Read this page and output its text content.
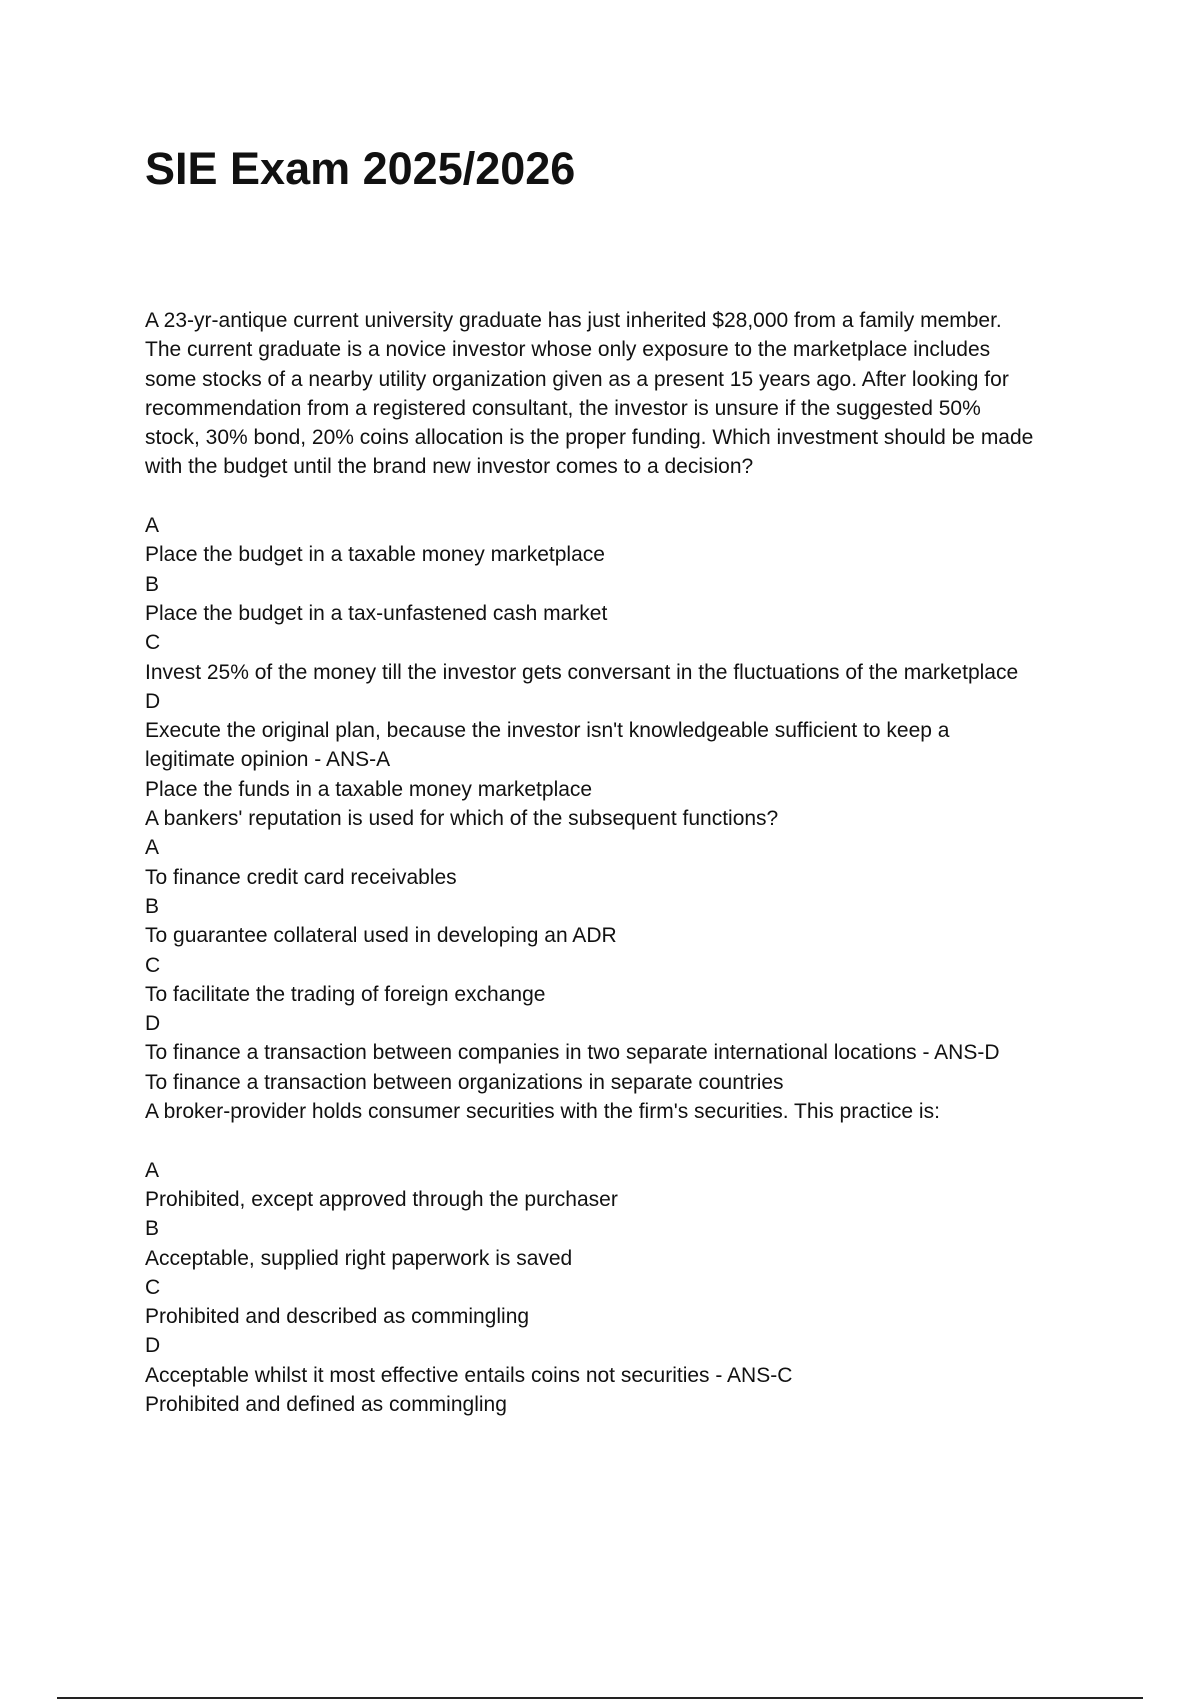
SIE Exam 2025/2026
A 23-yr-antique current university graduate has just inherited $28,000 from a family member.
The current graduate is a novice investor whose only exposure to the marketplace includes
some stocks of a nearby utility organization given as a present 15 years ago. After looking for
recommendation from a registered consultant, the investor is unsure if the suggested 50%
stock, 30% bond, 20% coins allocation is the proper funding. Which investment should be made
with the budget until the brand new investor comes to a decision?
A
Place the budget in a taxable money marketplace
B
Place the budget in a tax-unfastened cash market
C
Invest 25% of the money till the investor gets conversant in the fluctuations of the marketplace
D
Execute the original plan, because the investor isn't knowledgeable sufficient to keep a
legitimate opinion - ANS-A
Place the funds in a taxable money marketplace
A bankers' reputation is used for which of the subsequent functions?
A
To finance credit card receivables
B
To guarantee collateral used in developing an ADR
C
To facilitate the trading of foreign exchange
D
To finance a transaction between companies in two separate international locations - ANS-D
To finance a transaction between organizations in separate countries
A broker-provider holds consumer securities with the firm's securities. This practice is:
A
Prohibited, except approved through the purchaser
B
Acceptable, supplied right paperwork is saved
C
Prohibited and described as commingling
D
Acceptable whilst it most effective entails coins not securities - ANS-C
Prohibited and defined as commingling
